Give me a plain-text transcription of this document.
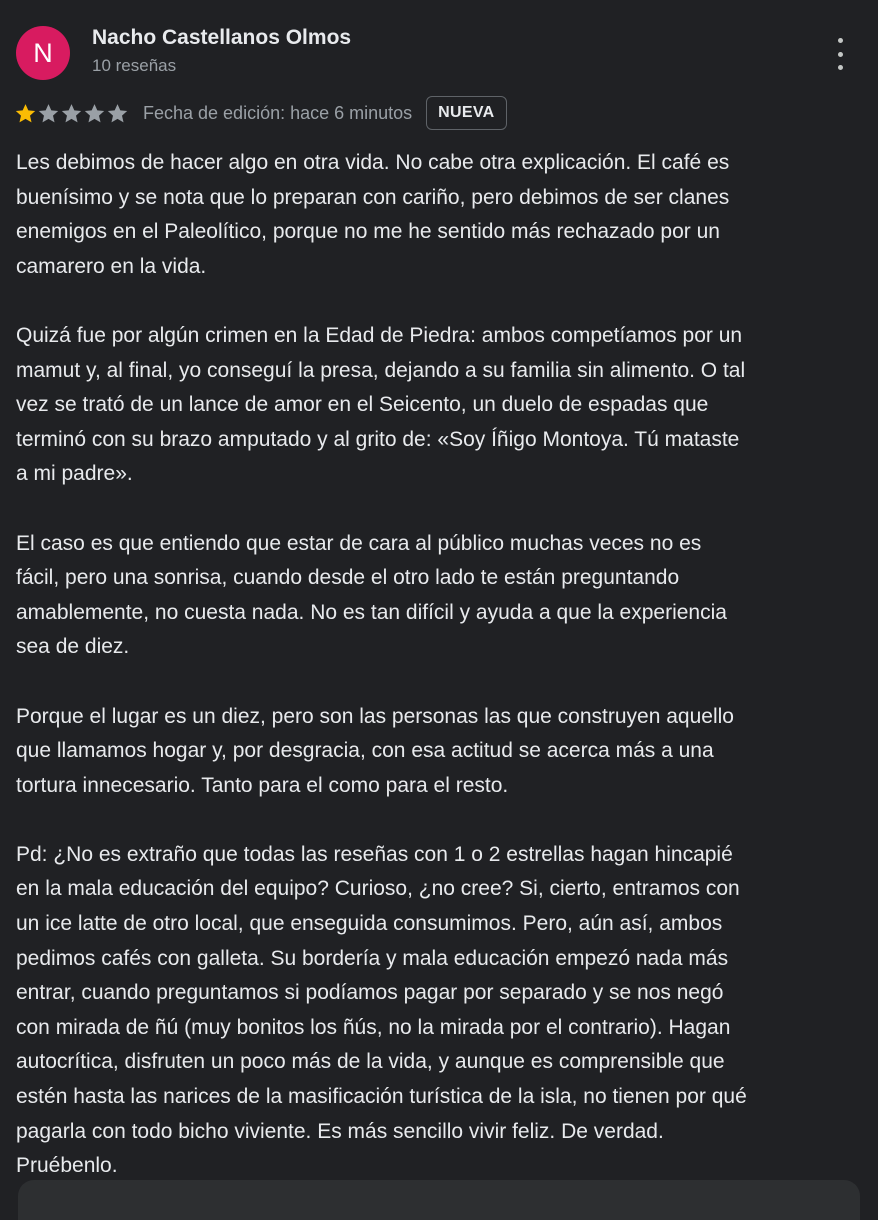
N
Nacho Castellanos Olmos
10 reseñas
Fecha de edición: hace 6 minutos	NUEVA

Les debimos de hacer algo en otra vida. No cabe otra explicación. El café es
buenísimo y se nota que lo preparan con cariño, pero debimos de ser clanes
enemigos en el Paleolítico, porque no me he sentido más rechazado por un
camarero en la vida.

Quizá fue por algún crimen en la Edad de Piedra: ambos competíamos por un
mamut y, al final, yo conseguí la presa, dejando a su familia sin alimento. O tal
vez se trató de un lance de amor en el Seicento, un duelo de espadas que
terminó con su brazo amputado y al grito de: «Soy Íñigo Montoya. Tú mataste
a mi padre».

El caso es que entiendo que estar de cara al público muchas veces no es
fácil, pero una sonrisa, cuando desde el otro lado te están preguntando
amablemente, no cuesta nada. No es tan difícil y ayuda a que la experiencia
sea de diez.

Porque el lugar es un diez, pero son las personas las que construyen aquello
que llamamos hogar y, por desgracia, con esa actitud se acerca más a una
tortura innecesario. Tanto para el como para el resto.

Pd: ¿No es extraño que todas las reseñas con 1 o 2 estrellas hagan hincapié
en la mala educación del equipo? Curioso, ¿no cree? Si, cierto, entramos con
un ice latte de otro local, que enseguida consumimos. Pero, aún así, ambos
pedimos cafés con galleta. Su bordería y mala educación empezó nada más
entrar, cuando preguntamos si podíamos pagar por separado y se nos negó
con mirada de ñú (muy bonitos los ñús, no la mirada por el contrario). Hagan
autocrítica, disfruten un poco más de la vida, y aunque es comprensible que
estén hasta las narices de la masificación turística de la isla, no tienen por qué
pagarla con todo bicho viviente. Es más sencillo vivir feliz. De verdad.
Pruébenlo.
